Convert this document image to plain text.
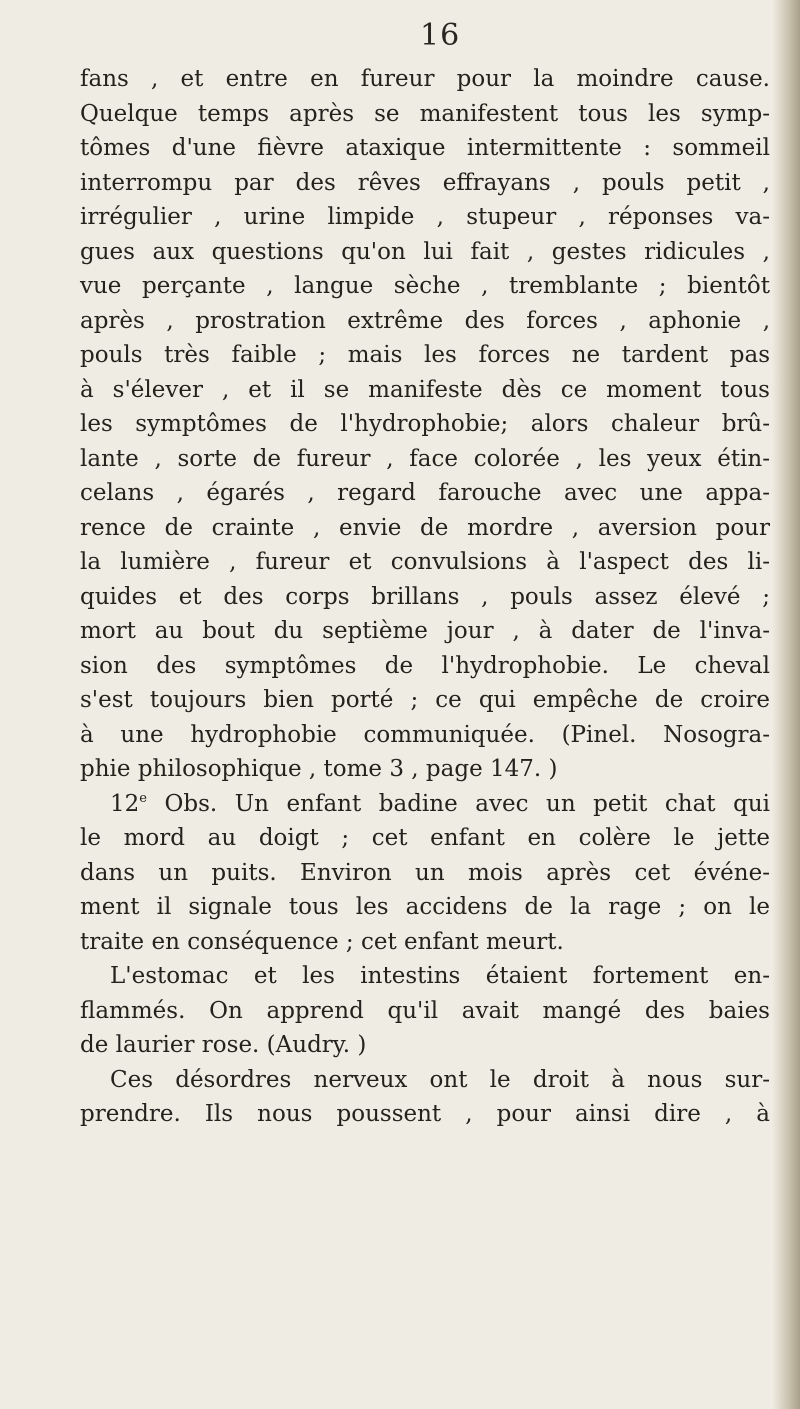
16
fans , et entre en fureur pour la moindre cause.
Quelque temps après se manifestent tous les symp-
tômes d'une fièvre ataxique intermittente : sommeil
interrompu par des rêves effrayans , pouls petit ,
irrégulier , urine limpide , stupeur , réponses va-
gues aux questions qu'on lui fait , gestes ridicules ,
vue perçante , langue sèche , tremblante ; bientôt
après , prostration extrême des forces , aphonie ,
pouls très faible ; mais les forces ne tardent pas
à s'élever , et il se manifeste dès ce moment tous
les symptômes de l'hydrophobie; alors chaleur brû-
lante , sorte de fureur , face colorée , les yeux étin-
celans , égarés , regard farouche avec une appa-
rence de crainte , envie de mordre , aversion pour
la lumière , fureur et convulsions à l'aspect des li-
quides et des corps brillans , pouls assez élevé ;
mort au bout du septième jour , à dater de l'inva-
sion des symptômes de l'hydrophobie. Le cheval
s'est toujours bien porté ; ce qui empêche de croire
à une hydrophobie communiquée. (Pinel. Nosogra-
phie philosophique , tome 3 , page 147. )
12e Obs. Un enfant badine avec un petit chat qui
le mord au doigt ; cet enfant en colère le jette
dans un puits. Environ un mois après cet événe-
ment il signale tous les accidens de la rage ; on le
traite en conséquence ; cet enfant meurt.
L'estomac et les intestins étaient fortement en-
flammés. On apprend qu'il avait mangé des baies
de laurier rose. (Audry. )
Ces désordres nerveux ont le droit à nous sur-
prendre. Ils nous poussent , pour ainsi dire , à
